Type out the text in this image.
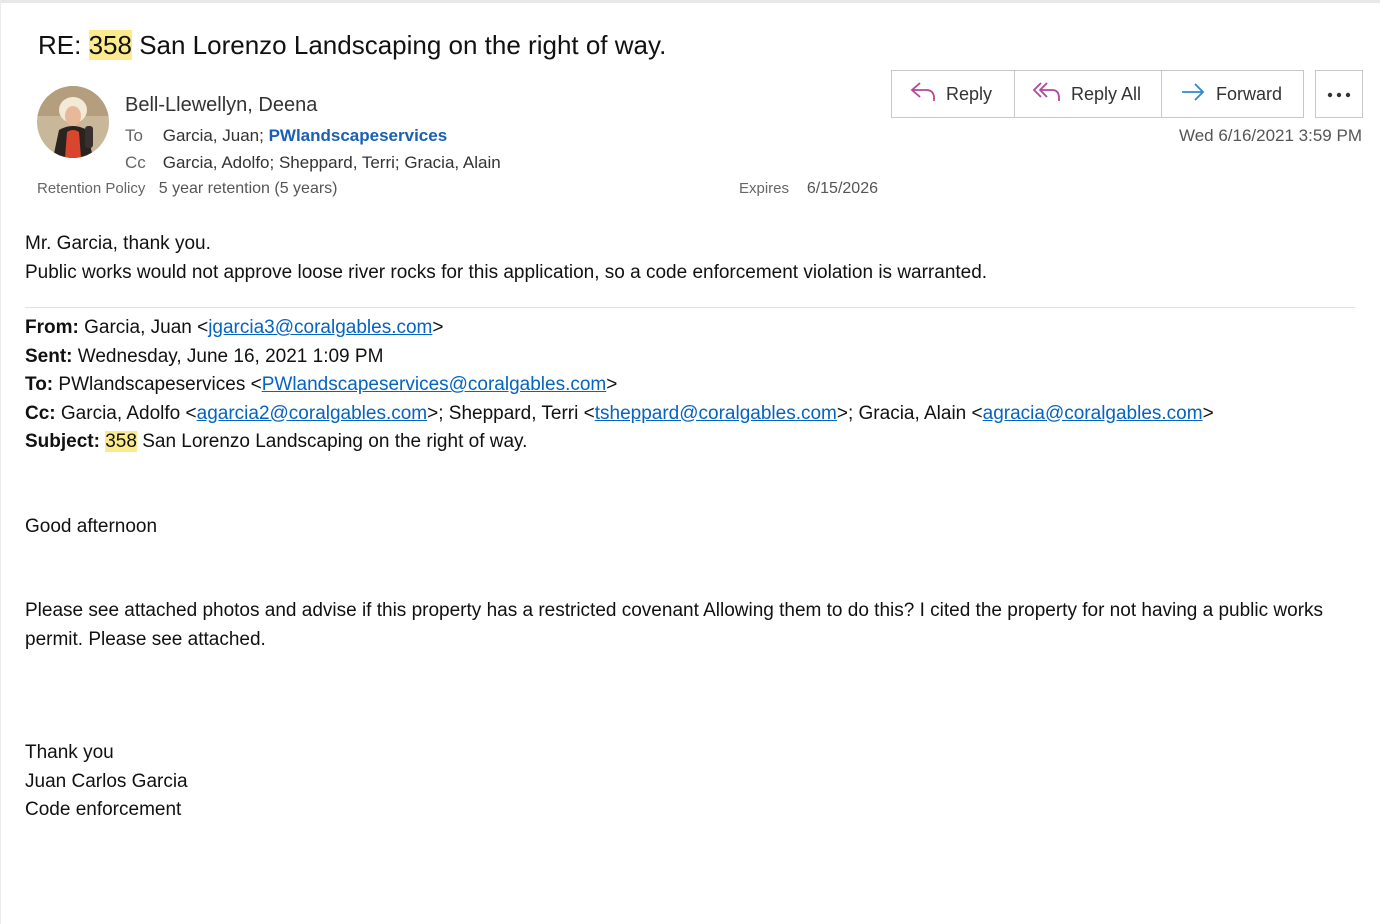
RE: 358 San Lorenzo Landscaping on the right of way.
Bell-Llewellyn, Deena
To Garcia, Juan; PWlandscapeservices
Cc Garcia, Adolfo; Sheppard, Terri; Gracia, Alain
Retention Policy 5 year retention (5 years)	Expires 6/15/2026
Reply	Reply All	Forward
Wed 6/16/2021 3:59 PM

Mr. Garcia, thank you.

Public works would not approve loose river rocks for this application, so a code enforcement violation is warranted.

From: Garcia, Juan <jgarcia3@coralgables.com>

Sent: Wednesday, June 16, 2021 1:09 PM

To: PWlandscapeservices <PWlandscapeservices@coralgables.com>

Cc: Garcia, Adolfo <agarcia2@coralgables.com>; Sheppard, Terri <tsheppard@coralgables.com>; Gracia, Alain <agracia@coralgables.com>

Subject: 358 San Lorenzo Landscaping on the right of way.

Good afternoon

Please see attached photos and advise if this property has a restricted covenant Allowing them to do this? I cited the property for not having a public works permit. Please see attached.

Thank you

Juan Carlos Garcia

Code enforcement
